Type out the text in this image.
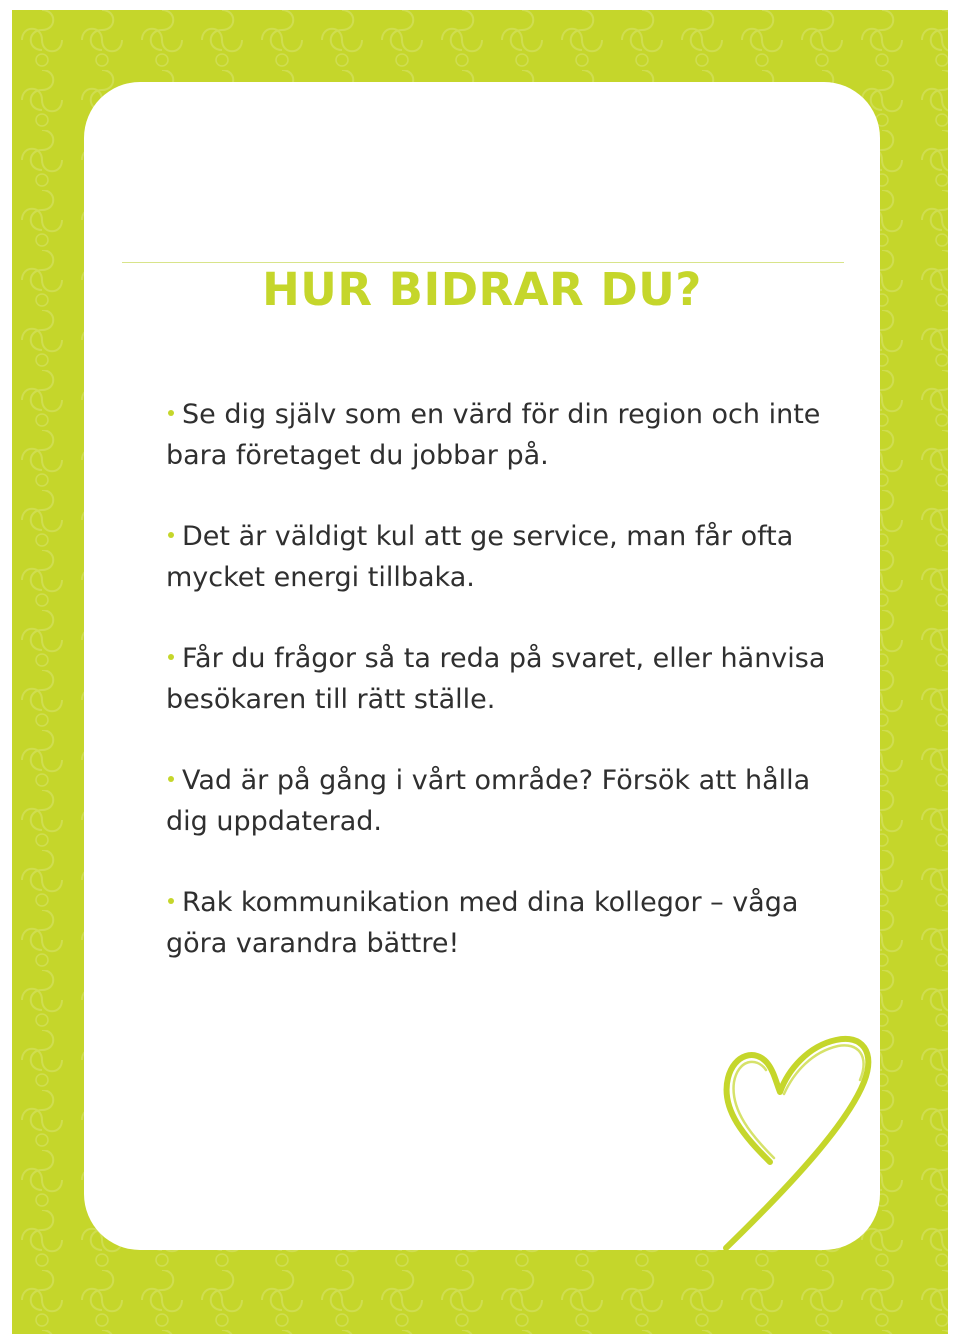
HUR BIDRAR DU?
Se dig själv som en värd för din region och inte bara företaget du jobbar på.
Det är väldigt kul att ge service, man får ofta mycket energi tillbaka.
Får du frågor så ta reda på svaret, eller hänvisa besökaren till rätt ställe.
Vad är på gång i vårt område? Försök att hålla dig uppdaterad.
Rak kommunikation med dina kollegor – våga göra varandra bättre!
